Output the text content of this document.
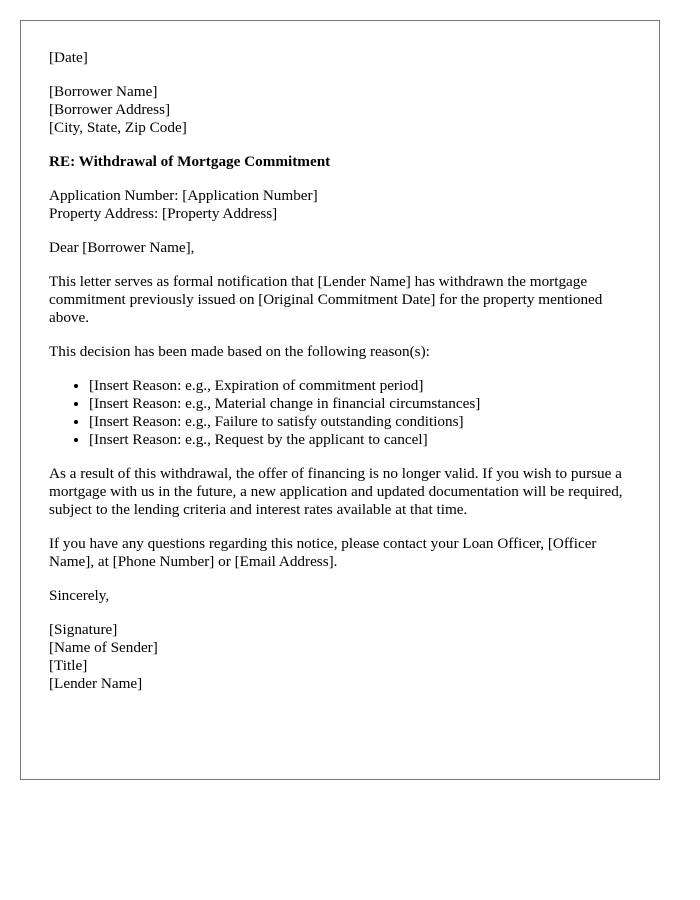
[Date]

[Borrower Name]
[Borrower Address]
[City, State, Zip Code]

RE: Withdrawal of Mortgage Commitment

Application Number: [Application Number]
Property Address: [Property Address]

Dear [Borrower Name],

This letter serves as formal notification that [Lender Name] has withdrawn the mortgage commitment previously issued on [Original Commitment Date] for the property mentioned above.

This decision has been made based on the following reason(s):

• [Insert Reason: e.g., Expiration of commitment period]
• [Insert Reason: e.g., Material change in financial circumstances]
• [Insert Reason: e.g., Failure to satisfy outstanding conditions]
• [Insert Reason: e.g., Request by the applicant to cancel]

As a result of this withdrawal, the offer of financing is no longer valid. If you wish to pursue a mortgage with us in the future, a new application and updated documentation will be required, subject to the lending criteria and interest rates available at that time.

If you have any questions regarding this notice, please contact your Loan Officer, [Officer Name], at [Phone Number] or [Email Address].

Sincerely,

[Signature]
[Name of Sender]
[Title]
[Lender Name]
